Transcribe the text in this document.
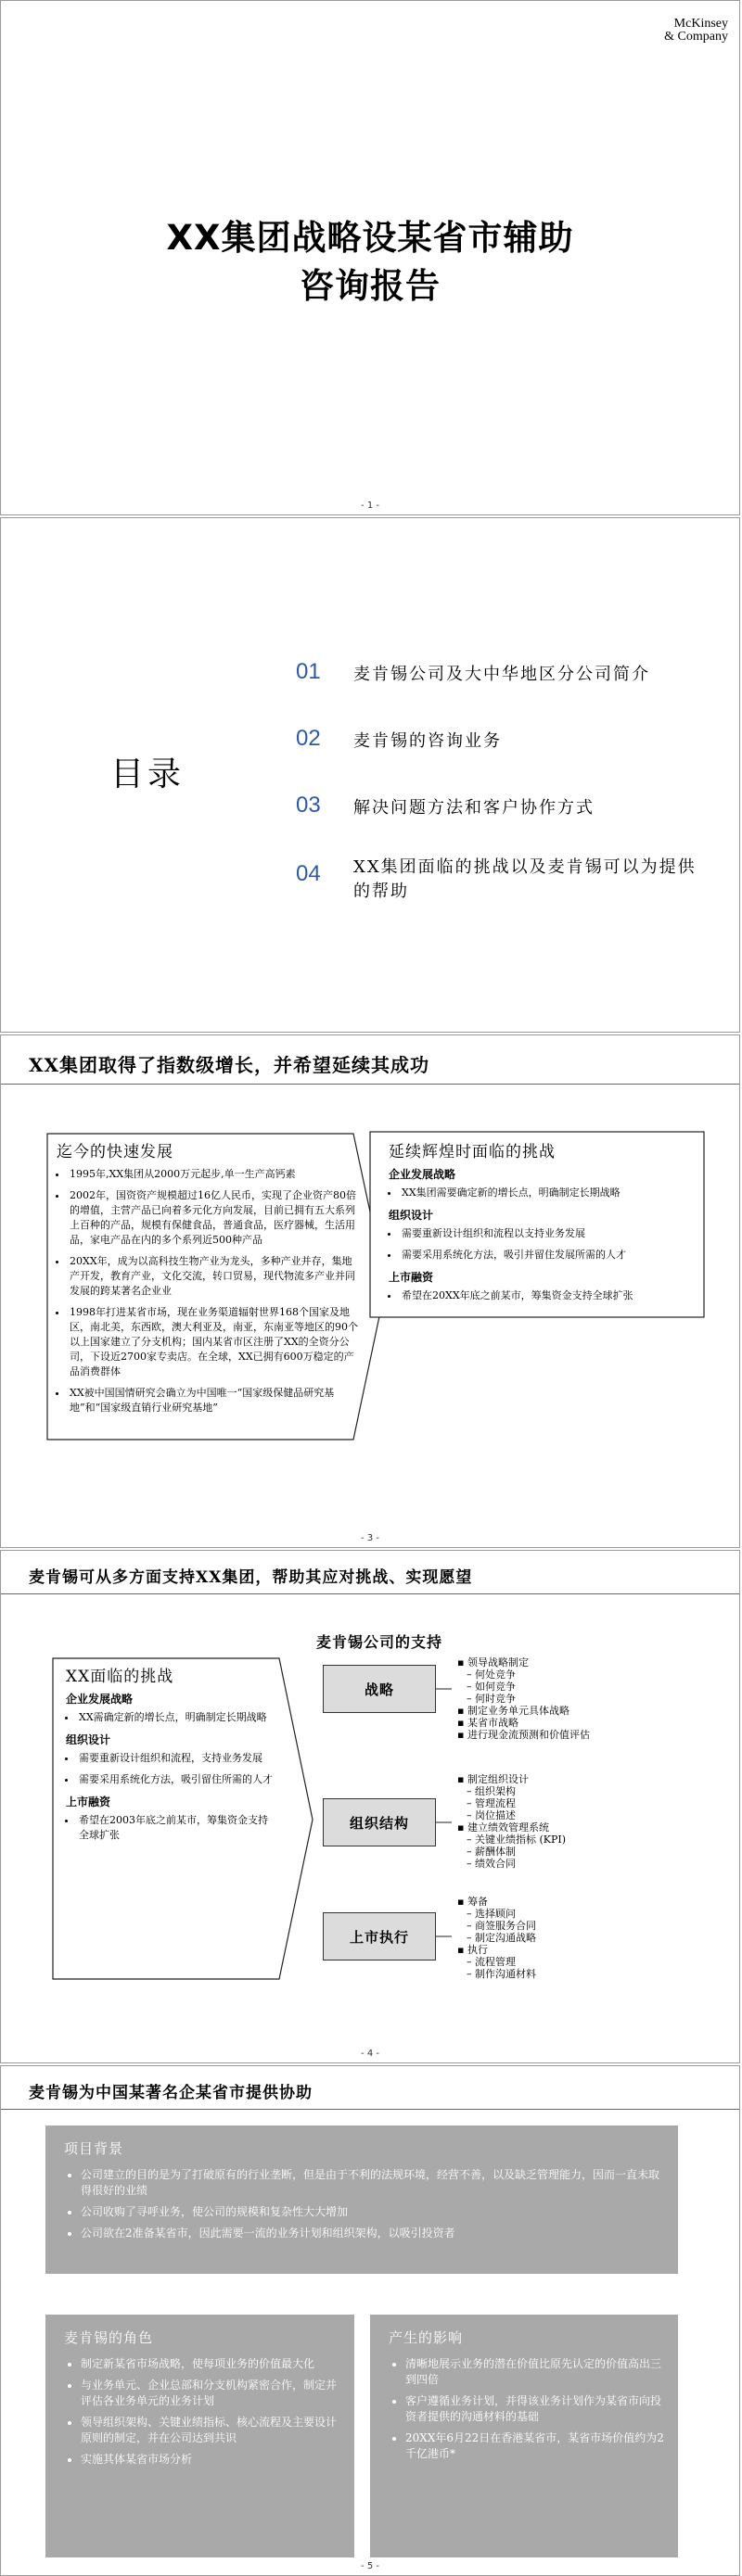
McKinsey
& Company
XX集团战略设某省市辅助
咨询报告
- 1 -
目录
01 麦肯锡公司及大中华地区分公司简介
02 麦肯锡的咨询业务
03 解决问题方法和客户协作方式
04 XX集团面临的挑战以及麦肯锡可以为提供的帮助
XX集团取得了指数级增长，并希望延续其成功
迄今的快速发展
• 1995年,XX集团从2000万元起步,单一生产高钙素
• 2002年，国资资产规模超过16亿人民币，实现了企业资产80倍的增值，主营产品已向着多元化方向发展，目前已拥有五大系列上百种的产品，规模有保健食品，普通食品，医疗器械，生活用品，家电产品在内的多个系列近500种产品
• 20XX年，成为以高科技生物产业为龙头，多种产业并存，集地产开发，教育产业，文化交流，转口贸易，现代物流多产业并同发展的跨某著名企业业
• 1998年打进某省市场，现在业务渠道辐射世界168个国家及地区，南北美，东西欧，澳大利亚及，南亚，东南亚等地区的90个以上国家建立了分支机构；国内某省市区注册了XX的全资分公司，下设近2700家专卖店。在全球，XX已拥有600万稳定的产品消费群体
• XX被中国国情研究会确立为中国唯一“国家级保健品研究基地”和“国家级直销行业研究基地”
延续辉煌时面临的挑战
企业发展战略
• XX集团需要确定新的增长点，明确制定长期战略
组织设计
• 需要重新设计组织和流程以支持业务发展
• 需要采用系统化方法，吸引并留住发展所需的人才
上市融资
• 希望在20XX年底之前某市，筹集资金支持全球扩张
- 3 -
麦肯锡可从多方面支持XX集团，帮助其应对挑战、实现愿望
麦肯锡公司的支持
XX面临的挑战
企业发展战略
• XX需确定新的增长点，明确制定长期战略
组织设计
• 需要重新设计组织和流程，支持业务发展
• 需要采用系统化方法，吸引留住所需的人才
上市融资
• 希望在2003年底之前某市，筹集资金支持全球扩张
战略
组织结构
上市执行
▪ 领导战略制定
– 何处竞争
– 如何竞争
– 何时竞争
▪ 制定业务单元具体战略
▪ 某省市战略
▪ 进行现金流预测和价值评估
▪ 制定组织设计
– 组织架构
– 管理流程
– 岗位描述
▪ 建立绩效管理系统
– 关键业绩指标 (KPI)
– 薪酬体制
– 绩效合同
▪ 筹备
– 选择顾问
– 商签服务合同
– 制定沟通战略
▪ 执行
– 流程管理
– 制作沟通材料
- 4 -
麦肯锡为中国某著名企某省市提供协助
项目背景
• 公司建立的目的是为了打破原有的行业垄断，但是由于不利的法规环境，经营不善，以及缺乏管理能力，因而一直未取得很好的业绩
• 公司收购了寻呼业务，使公司的规模和复杂性大大增加
• 公司欲在2准备某省市，因此需要一流的业务计划和组织架构，以吸引投资者
麦肯锡的角色
• 制定新某省市场战略，使每项业务的价值最大化
• 与业务单元、企业总部和分支机构紧密合作，制定并评估各业务单元的业务计划
• 领导组织架构、关键业绩指标、核心流程及主要设计原则的制定，并在公司达到共识
• 实施其体某省市场分析
产生的影响
• 清晰地展示业务的潜在价值比原先认定的价值高出三到四倍
• 客户遵循业务计划，并得该业务计划作为某省市向投资者提供的沟通材料的基础
• 20XX年6月22日在香港某省市，某省市场价值约为2千亿港币*
- 5 -
